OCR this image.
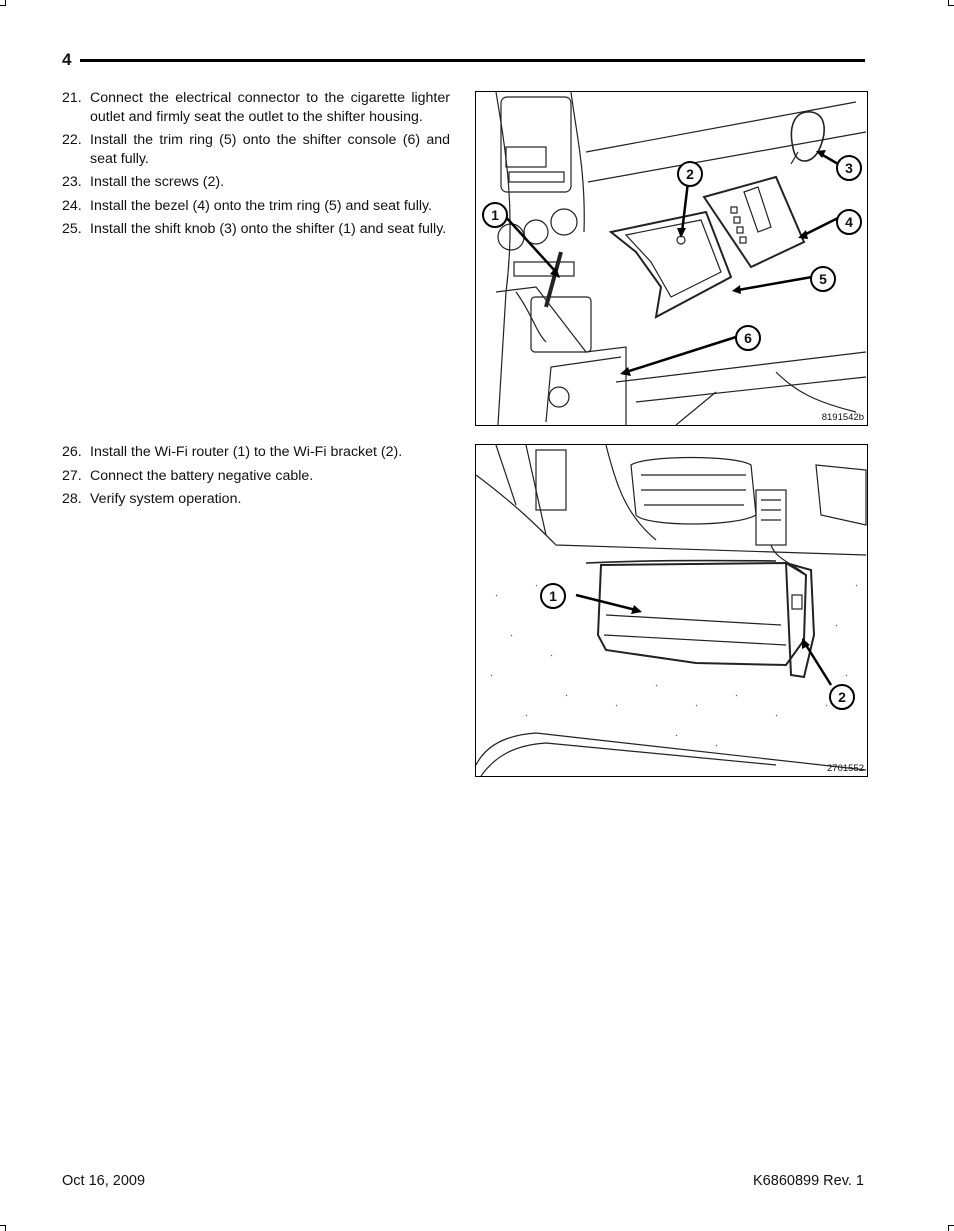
4
21. Connect the electrical connector to the cigarette lighter outlet and firmly seat the outlet to the shifter housing.
22. Install the trim ring (5) onto the shifter console (6) and seat fully.
23. Install the screws (2).
24. Install the bezel (4) onto the trim ring (5) and seat fully.
25. Install the shift knob (3) onto the shifter (1) and seat fully.
1
2	3
4
5
6
8191542b
26. Install the Wi-Fi router (1) to the Wi-Fi bracket (2).
27. Connect the battery negative cable.
28. Verify system operation.
1
2
2701552
Oct 16, 2009	K6860899 Rev. 1
